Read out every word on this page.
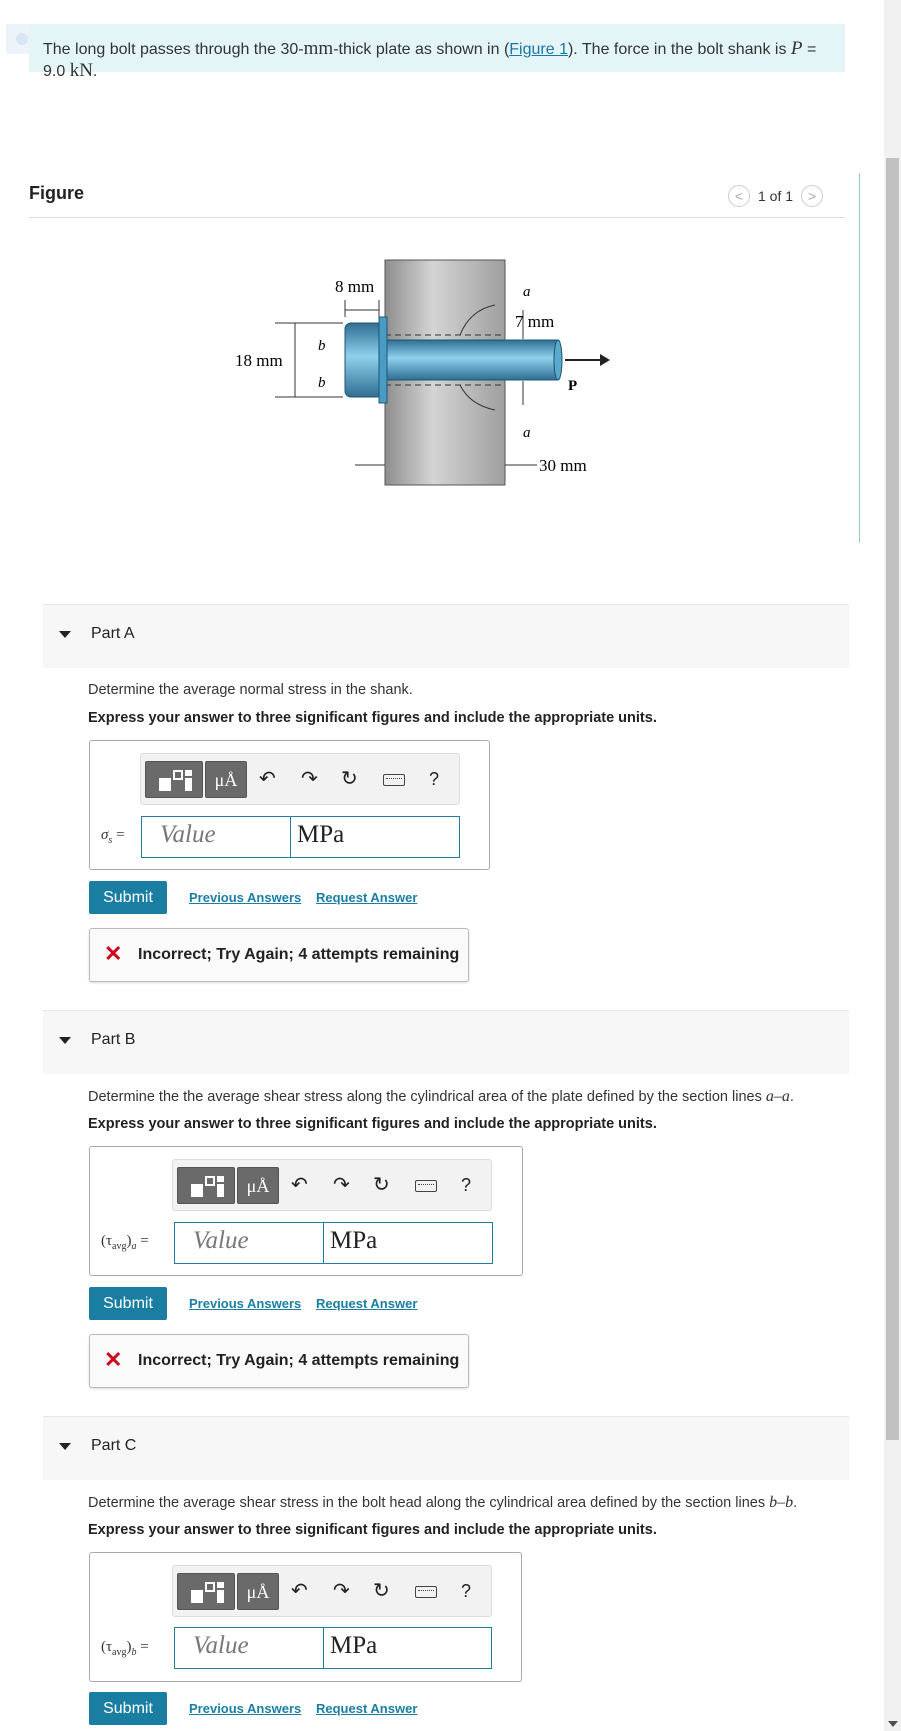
The long bolt passes through the 30-mm-thick plate as shown in (Figure 1). The force in the bolt shank is P = 9.0 kN.
Figure	<	1 of 1	>
P
8 mm
18 mm
b
b
7 mm
a
a
30 mm
Part A
Determine the average normal stress in the shank.
Express your answer to three significant figures and include the appropriate units.
μÅ	↶ ↷ ↻	?
$\sigma_s$ =	Value	MPa
Submit	Previous Answers Request Answer
✕ Incorrect; Try Again; 4 attempts remaining
Part B
Determine the the average shear stress along the cylindrical area of the plate defined by the section lines a–a.
Express your answer to three significant figures and include the appropriate units.
μÅ	↶ ↷ ↻	?
$(\tau_{avg})_a$ =	Value	MPa
Submit	Previous Answers Request Answer
✕ Incorrect; Try Again; 4 attempts remaining
Part C
Determine the average shear stress in the bolt head along the cylindrical area defined by the section lines b–b.
Express your answer to three significant figures and include the appropriate units.
μÅ	↶ ↷ ↻	?
$(\tau_{avg})_b$ =	Value	MPa
Submit	Previous Answers Request Answer
